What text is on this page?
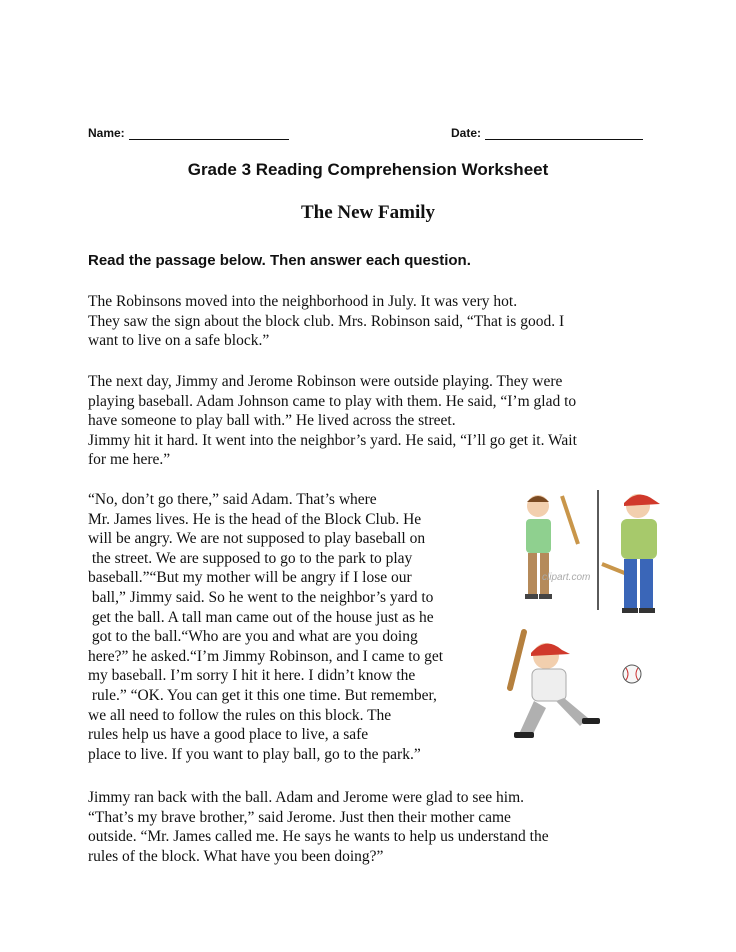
Name:	Date:
Grade 3 Reading Comprehension Worksheet
The New Family
Read the passage below. Then answer each question.
The Robinsons moved into the neighborhood in July. It was very hot.
They saw the sign about the block club. Mrs. Robinson said, “That is good. I
want to live on a safe block.”
The next day, Jimmy and Jerome Robinson were outside playing. They were
playing baseball. Adam Johnson came to play with them. He said, “I’m glad to
have someone to play ball with.” He lived across the street.
Jimmy hit it hard. It went into the neighbor’s yard. He said, “I’ll go get it. Wait
for me here.”
“No, don’t go there,” said Adam. That’s where
Mr. James lives. He is the head of the Block Club. He
will be angry. We are not supposed to play baseball on
the street. We are supposed to go to the park to play
baseball.”“But my mother will be angry if I lose our
ball,” Jimmy said. So he went to the neighbor’s yard to
get the ball. A tall man came out of the house just as he
got to the ball.“Who are you and what are you doing
here?” he asked.“I’m Jimmy Robinson, and I came to get
my baseball. I’m sorry I hit it here. I didn’t know the
rule.” “OK. You can get it this one time. But remember,
we all need to follow the rules on this block. The
rules help us have a good place to live, a safe
place to live. If you want to play ball, go to the park.”
Jimmy ran back with the ball. Adam and Jerome were glad to see him.
“That’s my brave brother,” said Jerome. Just then their mother came
outside. “Mr. James called me. He says he wants to help us understand the
rules of the block. What have you been doing?”
clipart.com
